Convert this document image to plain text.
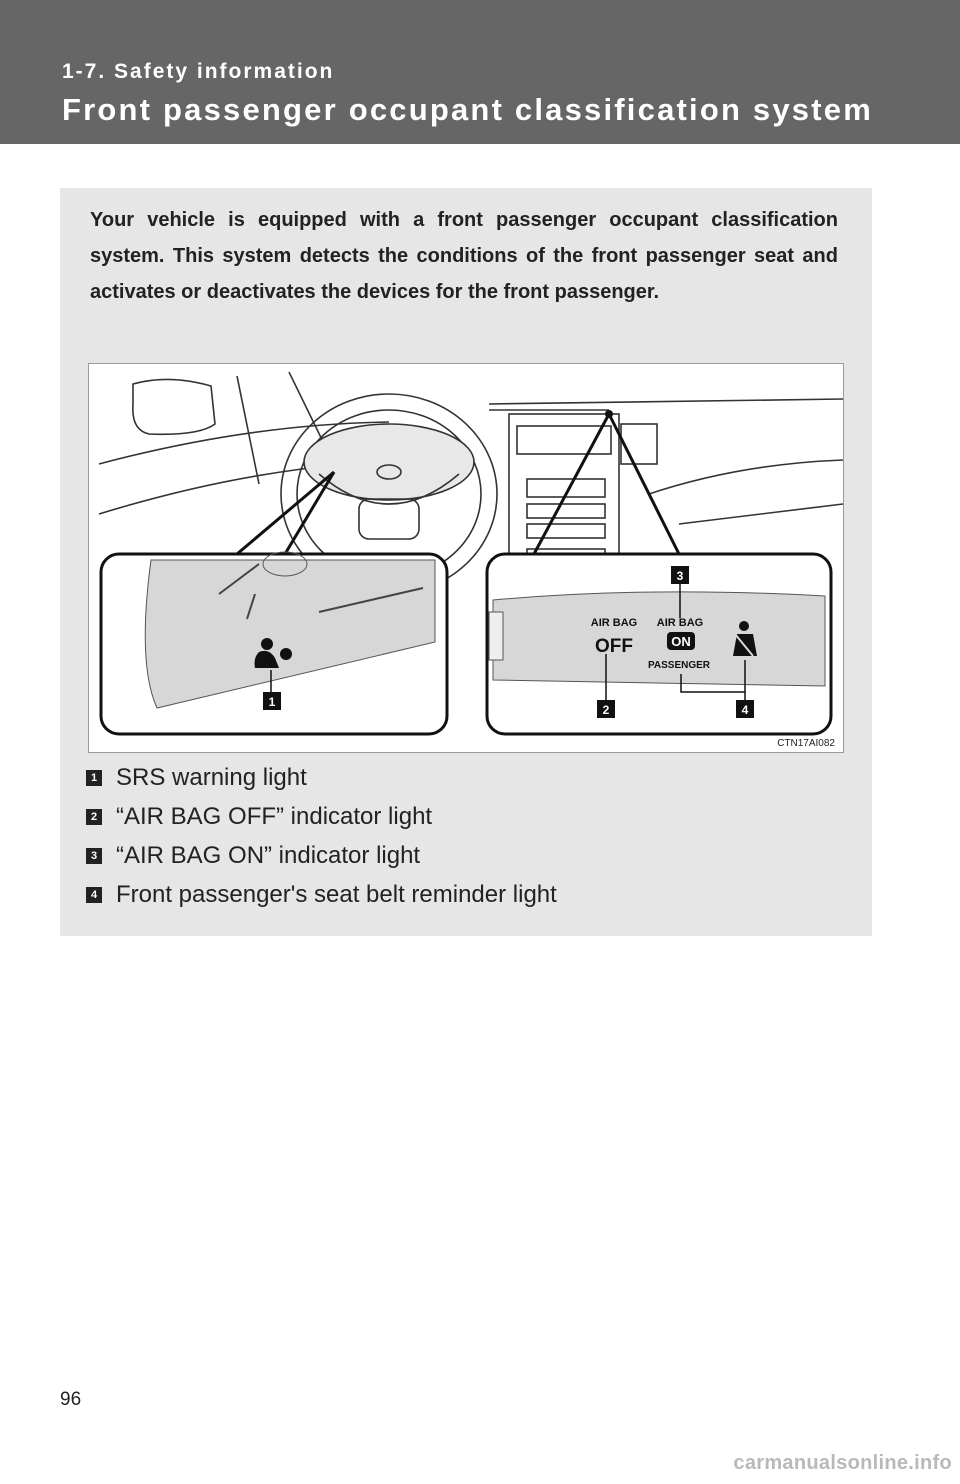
1-7. Safety information
Front passenger occupant classification system
Your vehicle is equipped with a front passenger occupant classification system. This system detects the conditions of the front passenger seat and activates or deactivates the devices for the front passenger.
AIR BAG
OFF
AIR BAG
ON
PASSENGER
1
2
3
4
CTN17AI082
1 SRS warning light
2 “AIR BAG OFF” indicator light
3 “AIR BAG ON” indicator light
4 Front passenger's seat belt reminder light
96
carmanualsonline.info
